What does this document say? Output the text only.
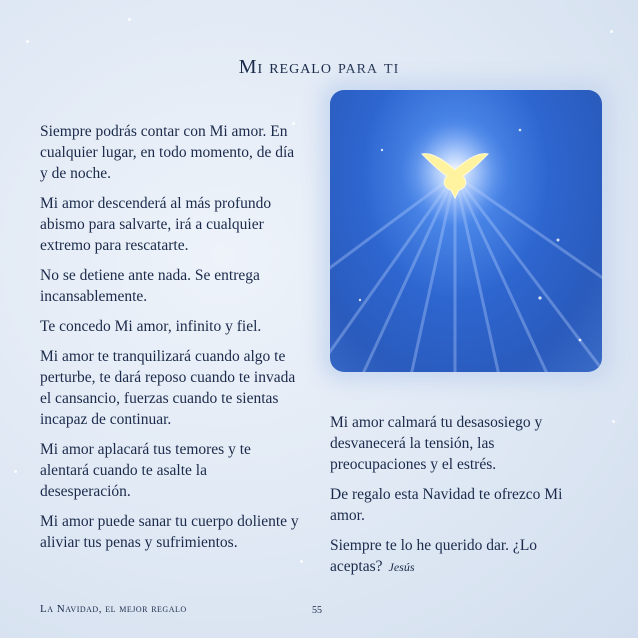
Mi regalo para ti

Siempre podrás contar con Mi amor. En cualquier lugar, en todo momento, de día y de noche.

Mi amor descenderá al más profundo abismo para salvarte, irá a cualquier extremo para rescatarte.

No se detiene ante nada. Se entrega incansablemente.

Te concedo Mi amor, infinito y fiel.

Mi amor te tranquilizará cuando algo te perturbe, te dará reposo cuando te invada el cansancio, fuerzas cuando te sientas incapaz de continuar.

Mi amor aplacará tus temores y te alentará cuando te asalte la desesperación.

Mi amor puede sanar tu cuerpo doliente y aliviar tus penas y sufrimientos.

Mi amor calmará tu desasosiego y desvanecerá la tensión, las preocupaciones y el estrés.

De regalo esta Navidad te ofrezco Mi amor.

Siempre te lo he querido dar. ¿Lo aceptas? Jesús

La Navidad, el mejor regalo	55
